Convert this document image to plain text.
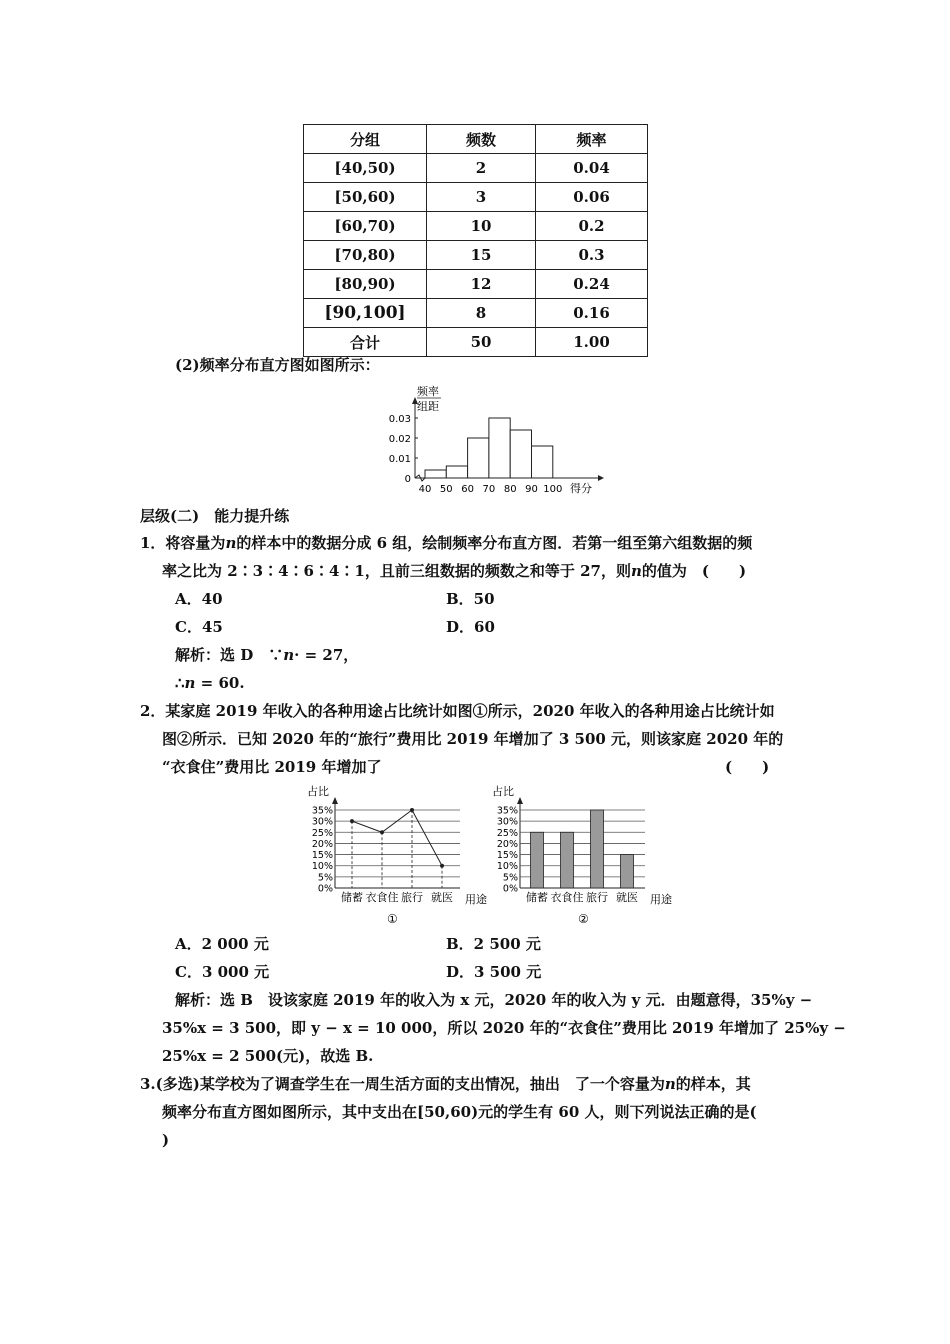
分组	频数	频率
[40,50)	2	0.04
[50,60)	3	0.06
[60,70)	10	0.2
[70,80)	15	0.3
[80,90)	12	0.24
[90,100]	8	0.16
合计	50	1.00
(2)频率分布直方图如图所示：
频率
组距
得分
0.03
0.02
0.01
0
40 50 60 70 80 90 100
层级(二)　能力提升练
1．将容量为n的样本中的数据分成 6 组，绘制频率分布直方图．若第一组至第六组数据的频
率之比为 2∶3∶4∶6∶4∶1，且前三组数据的频数之和等于 27，则n的值为　(　　)
A．40	B．50
C．45	D．60
解析：选 D　∵n· = 27，
∴n = 60.
2．某家庭 2019 年收入的各种用途占比统计如图①所示，2020 年收入的各种用途占比统计如
图②所示．已知 2020 年的“旅行”费用比 2019 年增加了 3 500 元，则该家庭 2020 年的
“衣食住”费用比 2019 年增加了	(　　)
占比
用途
①
35%
30%
25%
20%
15%
10%
5%
0%
储蓄 衣食住 旅行 就医
占比
用途
②
35%
30%
25%
20%
15%
10%
5%
0%
储蓄 衣食住 旅行 就医
A．2 000 元	B．2 500 元
C．3 000 元	D．3 500 元
解析：选 B　设该家庭 2019 年的收入为 x 元，2020 年的收入为 y 元．由题意得，35%y −
35%x = 3 500，即 y − x = 10 000，所以 2020 年的“衣食住”费用比 2019 年增加了 25%y −
25%x = 2 500(元)，故选 B.
3.(多选)某学校为了调查学生在一周生活方面的支出情况，抽出　了一个容量为n的样本，其
频率分布直方图如图所示，其中支出在[50,60)元的学生有 60 人，则下列说法正确的是(
)
